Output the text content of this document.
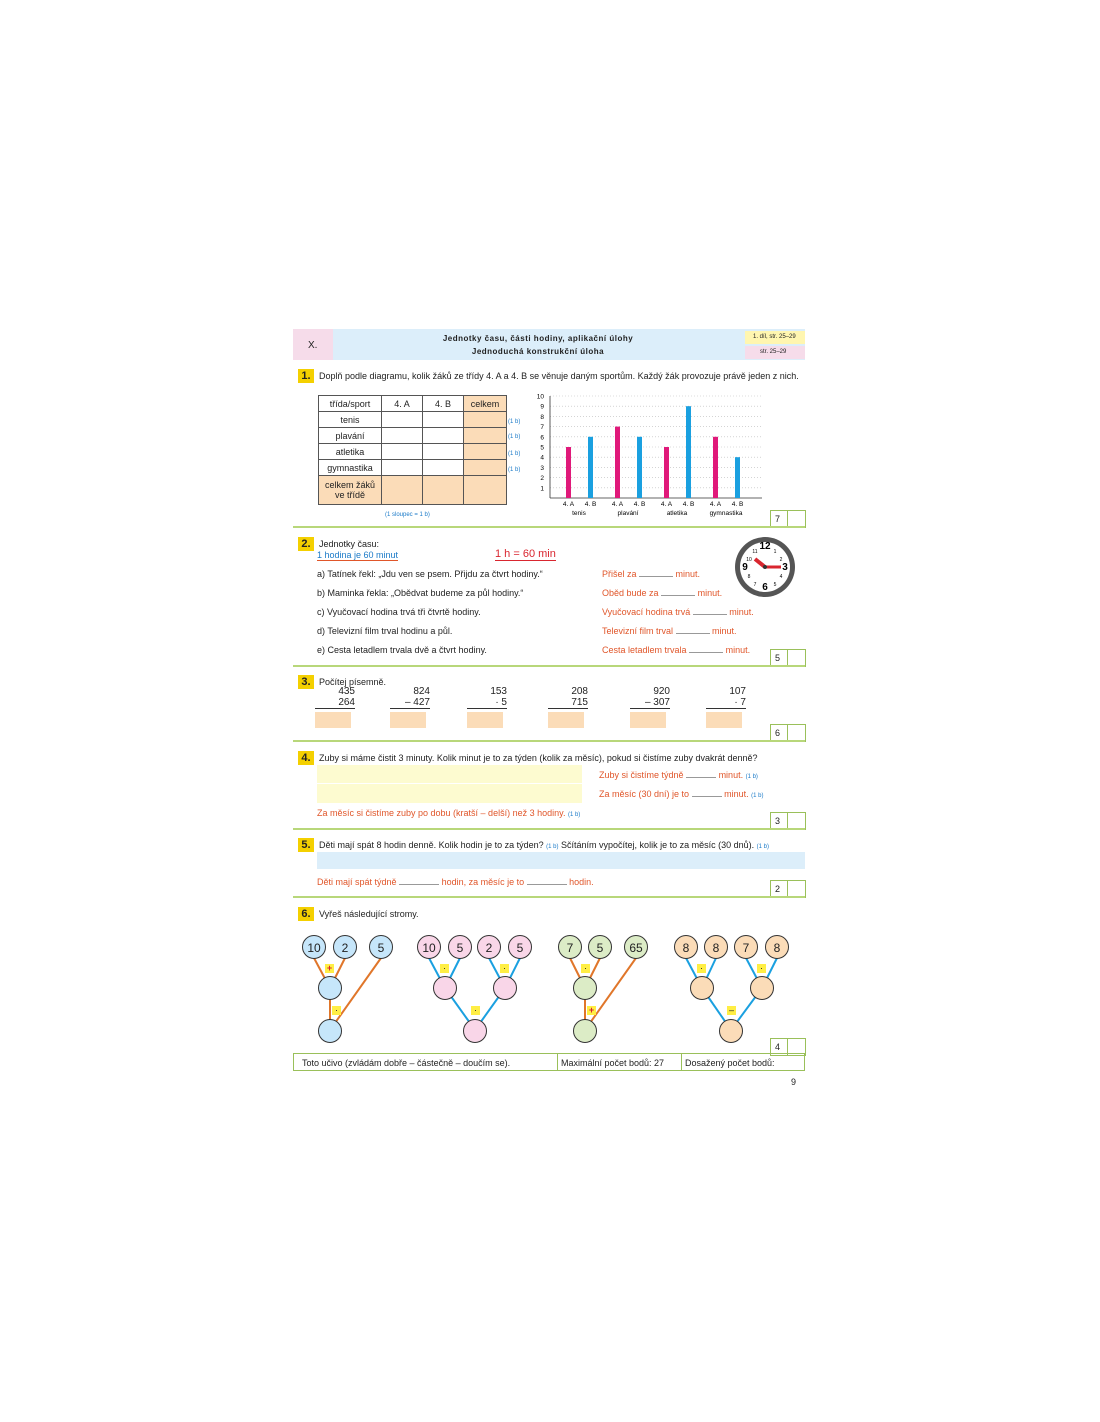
X.
Jednotky času, části hodiny, aplikační úlohy
Jednoduchá konstrukční úloha
1. díl, str. 25–29
str. 25–29
1. Doplň podle diagramu, kolik žáků ze třídy 4. A a 4. B se věnuje daným sportům. Každý žák provozuje právě jeden z nich.
třída/sport	4. A	4. B	celkem
tenis			
plavání			
atletika			
gymnastika			
celkem žáků ve třídě			
(1 b)
(1 b)
(1 b)
(1 b)
(1 sloupec = 1 b)
1
2
3
4
5
6
7
8
9
10
4. A 4. B
tenis
4. A 4. B
plavání
4. A 4. B
atletika
4. A 4. B
gymnastika
7
2. Jednotky času:
1 hodina je 60 minut	1 h = 60 min
a) Tatínek řekl: „Jdu ven se psem. Přijdu za čtvrt hodiny.“
b) Maminka řekla: „Obědvat budeme za půl hodiny.“
c) Vyučovací hodina trvá tři čtvrtě hodiny.
d) Televizní film trval hodinu a půl.
e) Cesta letadlem trvala dvě a čtvrt hodiny.
Přišel za	minut.
Oběd bude za	minut.
Vyučovací hodina trvá	minut.
Televizní film trval	minut.
Cesta letadlem trvala	minut.
12
3
6
9
1
2
4
5
7
8
10
11
5
3. Počítej písemně.
435
264
824
– 427
153
· 5
208
715
920
– 307
107
· 7
6
4. Zuby si máme čistit 3 minuty. Kolik minut je to za týden (kolik za měsíc), pokud si čistíme zuby dvakrát denně?
Zuby si čistíme týdně	minut. (1 b)
Za měsíc (30 dní) je to	minut. (1 b)
Za měsíc si čistíme zuby po dobu (kratší – delší) než 3 hodiny. (1 b)
3
5. Děti mají spát 8 hodin denně. Kolik hodin je to za týden? (1 b) Sčítáním vypočítej, kolik je to za měsíc (30 dnů). (1 b)
Děti mají spát týdně	hodin, za měsíc je to	hodin.
2
6. Vyřeš následující stromy.
10	2	5
+
·
10	5	2	5
·	·
·
7	5	65
·
+
8	8	7	8
·	·
–
4
Toto učivo (zvládám dobře – částečně – doučím se).	Maximální počet bodů: 27 Dosažený počet bodů:
9
